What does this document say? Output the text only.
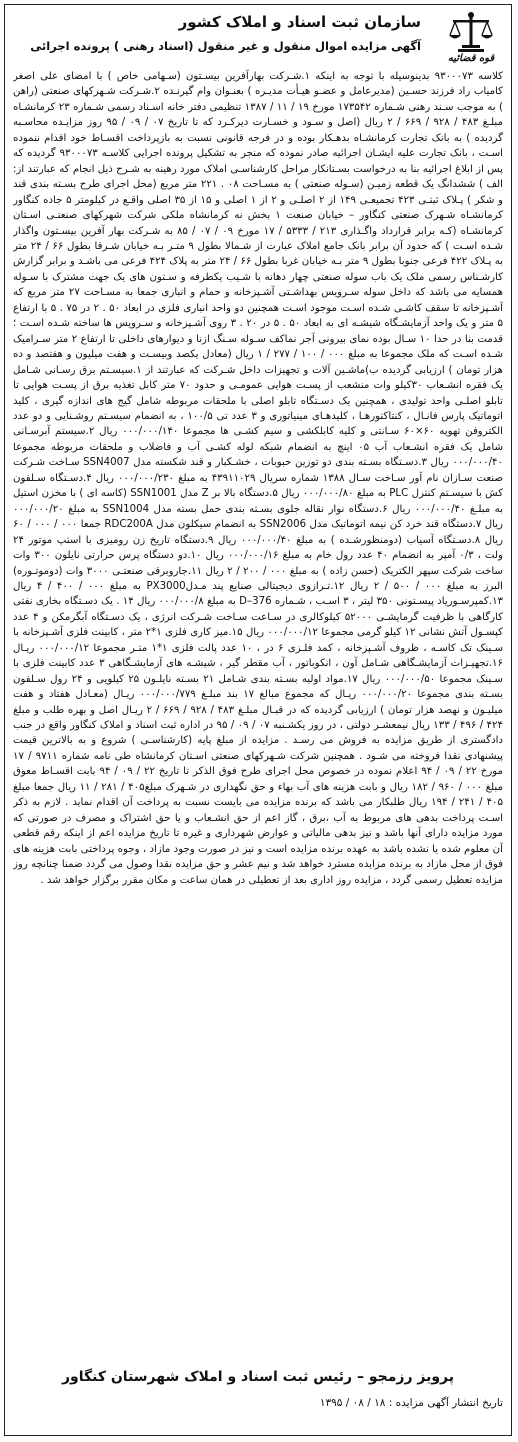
قوه قضائیه
سازمان ثبت اسناد و املاک کشور
آگهی مزایده اموال منقول و غیر منقول (اسناد رهنی ) پرونده اجرائی
کلاسه ۹۳۰۰۰۷۳ بدینوسیله با توجه به اینکه ۱.شـرکت بهارآفرین بیسـتون (سـهامی خاص ) با امضای علی اصغر کامیاب راد فرزند حسـین (مدیرعامل و عضـو هیـأت مدیـره ) بعنـوان وام گیرنـده ۲.شـرکت شـهرکهای صنعتی (راهن ) به موجب سـند رهنی شـماره ۱۷۳۵۴۲ مورخ ۱۹ / ۱۱ / ۱۳۸۷ تنظیمی دفتر خانه اسـناد رسمی شـماره ۲۳ کرمانشـاه مبلـغ ۴۸۳ / ۹۲۸ / ۶۶۹ / ۲ ریال (اصل و سـود و خسـارت دیرکـرد که تا تاریخ ۰۷ / ۰۹ / ۹۵ روز مزایـده محاسـبه گردیده ) به بانک تجارت کرمانشـاه بدهـکار بوده و در فرجه قانونی نسبت به بازپرداخت اقسـاط خود اقدام ننموده اسـت ، بانک تجارت علیه ایشـان اجرائیه صادر نموده که منجر به تشکیل پرونده اجرایی کلاسـه ۹۳۰۰۰۷۳ گردیده که پس از ابلاغ اجرائیه بنا به درخواست بسـتانکار مراحل کارشناسـی املاک مورد رهینه به شـرح ذیل انجام که عبارتند از: الف ) ششدانگ یک قطعه زمیـن (سـوله صنعتی ) به مسـاحت ۰۸ . ۲۲۱ متر مربع (محل اجرای طرح بسـته بندی قند و شکر ) پـلاک ثبتـی ۴۲۳ تجمیعـی ۱۴۹ از ۲ اصلـی و ۲ از ۱ اصلی و ۱۵ از ۳۵ اصلی واقـع در کیلومتر ۵ جاده کنگاور کرمانشـاه شـهرک صنعتی کنگاور – خیابان صنعت ۱ بخش نه کرمانشاه ملکی شرکت شهرکهای صنعتـی اسـتان کرمانشـاه (کـه برابر قرارداد واگـذاری ۲۱۳ / ۵۳۳۳ / ۱۷ مورخ ۰۹ / ۰۷ / ۸۵ به شـرکت بهار آفرین بیسـتون واگذار شـده اسـت ) که حدود آن برابر بانک جامع املاک عبارت از شـمالا بطول ۹ متـر بـه خیابان شـرقا بطول ۶۶ / ۲۴ متر به پـلاک ۴۲۲ فرعی جنوبا بطول ۹ متر بـه خیابان غربا بطول ۶۶ / ۲۴ متر به پلاک ۴۲۴ فرعی می باشـد و برابر گزارش کارشـناس رسمی ملک یک باب سوله صنعتی چهار دهانه با شـیب یکطرفه و سـتون های یک جهت مشترک با سـوله همسایه می باشد که داخل سوله سـرویس بهداشـتی آشـپزخانه و حمام و انباری جمعا به مسـاحت ۲۷ متر مربع که آشـپزخانه تا سقف کاشـی شـده اسـت موجود اسـت همچنین دو واحد انباری فلزی در ابعاد ۵۰ . ۲ در ۷۵ . ۵ با ارتفاع ۵ متر و یک واحد آزمایشـگاه شیشـه ای به ابعاد ۵۰ . ۵ در ۲۰ . ۳ روی آشـپزخانه و سـرویس ها ساخته شـده اسـت ؛ قدمت بنا در حدا ۱۰ سـال بوده نمای بیرونی آجر نماکف سـوله سـنگ ازنا و دیوارهای داخلی تا ارتفاع ۲ متر سـرامیک شـده اسـت که ملک مجموعا به مبلغ ۰۰۰ / ۱۰۰ / ۲۷۷ / ۱ ریال (معادل یکصد وبیسـت و هفت میلیون و هفتصد و ده هزار تومان ) ارزیابی گردیده ب)ماشـین آلات و تجهیزات داخل شـرکت که عبارتند از ۱.سیسـتم برق رسـانی شـامل یک فقره انشـعاب ۳۰کیلو وات منشعب از پسـت هوایی عمومـی و حدود ۷۰ متر کابل تغذیه برق از پسـت هوایی تا تابلو اصلـی واحد تولیدی ، همچنین یک دسـتگاه تابلو اصلی با ملحقات مربوطه شامل گیج های اندازه گیری ، کلید اتوماتیک پارس فانـال ، کنتاکتورهـا ، کلیدهـای مینیاتوری و ۳ عدد تی ۱۰۰/۵ ، به انضمام سیسـتم روشـنایی و دو عدد الکتروفن تهویه ۶۰×۶۰ سـانتی و کلیه کابلکشی و سیم کشـی ها مجموعا ۰۰۰/۰۰۰/۱۴۰ ریال ۲.سیستم آبرسـانی شامل یک فقره انشـعاب آب ۰۵ اینچ به انضمام شبکه لوله کشـی آب و فاضلاب و ملحقات مربوطه مجموعا ۰۰۰/۰۰۰/۴۰ ریال ۳.دسـتگاه بسـته بندی دو توزین حبوبات ، خشـکبار و قند شکسته مدل SSN4007 سـاخت شـرکت صنعت سـازان نام آور سـاخت سـال ۱۳۸۸ شماره سریال ۴۳۹۱۱۰۲۹ به مبلغ ۰۰۰/۰۰۰/۲۳۰ ریال ۴.دسـتگاه سـلفون کش با سیسـتم کنترل PLC به مبلغ ۰۰۰/۰۰۰/۸۰ ریال ۵.دستگاه بالا بر Z مدل SSN1001 (کاسه ای ) با مخزن استیل به مبلـغ ۰۰۰/۰۰۰/۴۰ ریال ۶.دستگاه نوار نقاله جلوی بسـته بندی حمل بسته مدل SSN1004 به مبلغ ۰۰۰/۰۰۰/۲۰ ریال ۷.دستگاه قند خرد کن نیمه اتوماتیک مدل SSN2006 به انضمام سیکلون مدل RDC200A جمعا ۰۰۰ / ۰۰۰ / ۶۰ ریال ۸.دسـتگاه آسیاب (دومنظورشـده ) به مبلغ ۰۰۰/۰۰۰/۴۰ ریال ۹.دستگاه تاریخ زن رومیزی با استپ موتور ۲۴ ولت ، ۰/۳ آمپر به انضمام ۴۰ عدد رول خام به مبلغ ۰۰۰/۰۰۰/۱۶ ریال ۱۰.دو دستگاه پرس حرارتی نایلون ۳۰۰ وات ساخت شرکت سپهر الکتریک (حسن زاده ) به مبلغ ۰۰۰ / ۲۰۰ / ۲ ریال ۱۱.جاروبرقی صنعتـی ۳۰۰۰ وات (دوموتـوره) البرز به مبلغ ۰۰۰ / ۵۰۰ / ۲ ریال ۱۲.تـرازوی دیجیتالی صنایع پند مـدلPX3000 به مبلغ ۰۰۰ / ۴۰۰ / ۴ ریال ۱۳.کمپرسـوریاد پیسـتونی ۳۵۰ لیتر ، ۳ اسـب ، شـماره 376–D به مبلغ ۰۰۰/۰۰۰/۸ ریال ۱۴ . یک دسـتگاه بخاری نفتی کارگاهی با ظرفیت گرمایشـی ۵۲۰۰۰ کیلوکالری در سـاعت سـاخت شـرکت انرژی ، یک دسـتگاه آبگرمکن و ۴ عدد کپسـول آتش نشانی ۱۲ کیلو گرمی مجموعا ۰۰۰/۰۰۰/۱۲ ریال ۱۵.میز کاری فلزی ۱*۲ متر ، کابینت فلزی آشـپزخانه با سـینک تک کاسـه ، ظروف آشـپزخانه ، کمد فلـزی ۶ در ، ۱۰ عدد پالت فلزی ۱*۱ متـر مجموعا ۰۰۰/۰۰۰/۱۲ ریـال ۱۶.تجهیـزات آزمایشـگاهی شـامل آون ، انکوباتور ، آب مقطر گیر ، شیشـه های آزمایشـگاهی ۳ عدد کابینت فلزی با سـینک مجموعا ۰۰۰/۰۰۰/۵۰ ریال ۱۷.مواد اولیه بسـته بندی شـامل ۲۱ بسـته نایلـون ۲۵ کیلویی و ۲۴ رول سـلفون بسـته بندی مجموعا ۰۰۰/۰۰۰/۲۰ ریـال که مجموع مبالغ ۱۷ بند مبلـغ ۰۰۰/۰۰۰/۷۷۹ ریـال (معـادل هفتاد و هفت میلیـون و نهصد هزار تومان ) ارزیابی گردیده که در قبـال مبلـغ ۴۸۳ / ۹۲۸ / ۶۶۹ / ۲ ریـال اصل و بهره طلب و مبلغ ۴۲۴ / ۴۹۶ / ۱۳۳ ریال نیمعشـر دولتی ، در روز یکشـنبه ۰۷ / ۰۹ / ۹۵ در اداره ثبت اسناد و املاک کنگاور واقع در جنب دادگستری از طریق مزایده به فروش می رسـد . مزایده از مبلغ پایه (کارشناسـی ) شروع و به بالاترین قیمت پیشنهادی نقدا فروخته می شـود . همچنین شرکت شـهرکهای صنعتی اسـتان کرمانشاه طی نامه شماره ۹۷۱۱ / ۱۷ مورخ ۲۲ / ۰۹ / ۹۴ اعلام نموده در خصوص محل اجرای طرح فوق الذکر تا تاریخ ۲۲ / ۰۹ / ۹۴ بابت اقسـاط معوق مبلغ ۰۰۰ / ۹۶۰ / ۱۸۲ ریال و بابت هزینه های آب بهاء و حق نگهداری در شـهرک مبلغ۴۰۵ / ۲۸۱ / ۱۱ ریال جمعا مبلغ ۴۰۵ / ۲۴۱ / ۱۹۴ ریال طلبکار می باشد که برنده مزایده می بایست نسبت به پرداخت آن اقدام نماید . لازم به ذکر اسـت پرداخت بدهی های مربوط به آب ،برق ، گاز اعم از حق انشـعاب و یا حق اشتراک و مصرف در صورتی که مورد مزایده دارای آنها باشد و نیز بدهی مالیاتی و عوارض شهرداری و غیره تا تاریخ مزایده اعم از اینکه رقم قطعی آن معلوم شده یا نشده باشد به عهده برنده مزایده است و نیز در صورت وجود مازاد ، وجوه پرداختی بابت هزینه های فوق از محل مازاد به برنده مزایده مسترد خواهد شد و نیم عشر و حق مزایده نقدا وصول می گردد ضمنا چنانچه روز مزایده تعطیل رسمی گردد ، مزایده روز اداری بعد از تعطیلی در همان ساعت و مکان مقرر برگزار خواهد شد .
پرویز رزمجو – رئیس ثبت اسناد و املاک شهرستان کنگاور
تاریخ انتشار آگهی مزایده : ۱۸ / ۰۸ / ۱۳۹۵
